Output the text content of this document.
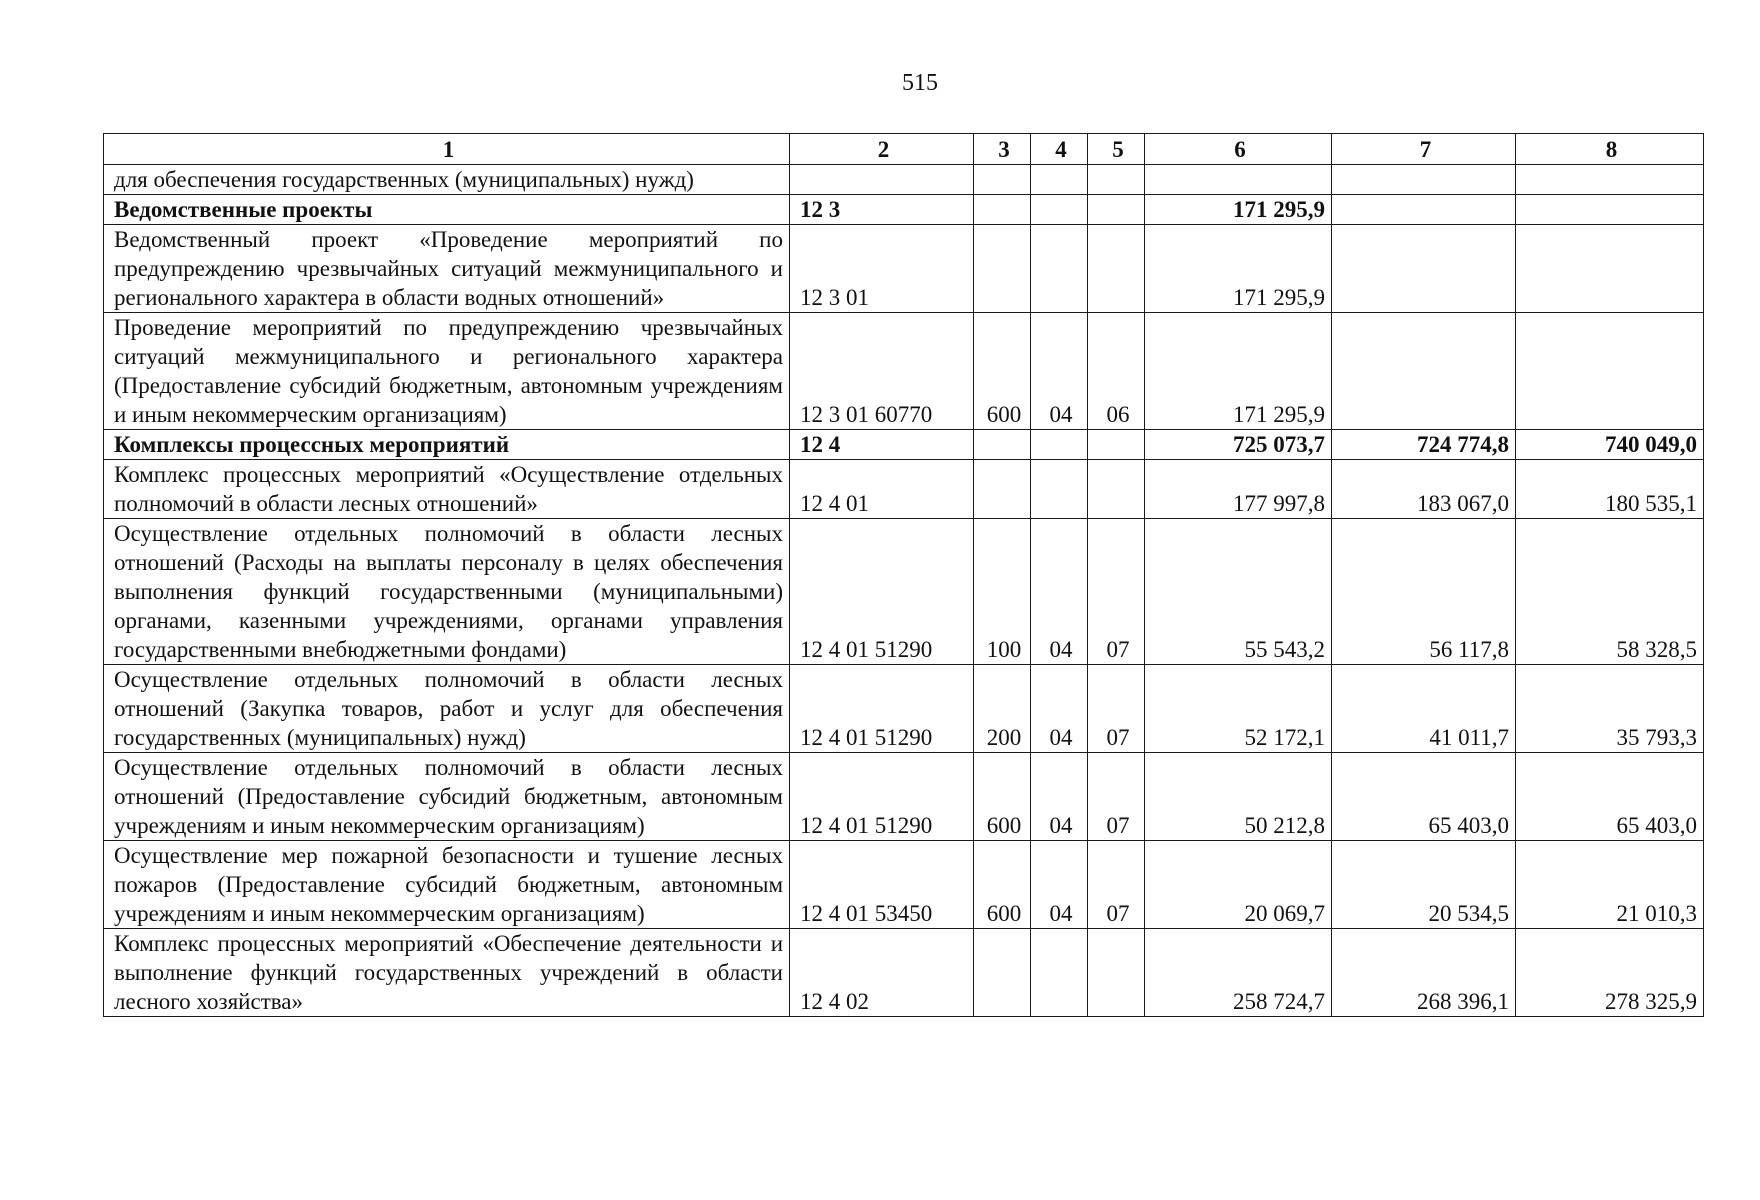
515
1	2	3	4	5	6	7	8
для обеспечения государственных (муниципальных) нужд)							
Ведомственные проекты	12 3				171 295,9		
Ведомственный проект «Проведение мероприятий по предупреждению чрезвычайных ситуаций межмуниципального и регионального характера в области водных отношений»	12 3 01				171 295,9		
Проведение мероприятий по предупреждению чрезвычайных ситуаций межмуниципального и регионального характера (Предоставление субсидий бюджетным, автономным учреждениям и иным некоммерческим организациям)	12 3 01 60770	600	04	06	171 295,9		
Комплексы процессных мероприятий	12 4				725 073,7	724 774,8	740 049,0
Комплекс процессных мероприятий «Осуществление отдельных полномочий в области лесных отношений»	12 4 01				177 997,8	183 067,0	180 535,1
Осуществление отдельных полномочий в области лесных отношений (Расходы на выплаты персоналу в целях обеспечения выполнения функций государственными (муниципальными) органами, казенными учреждениями, органами управления государственными внебюджетными фондами)	12 4 01 51290	100	04	07	55 543,2	56 117,8	58 328,5
Осуществление отдельных полномочий в области лесных отношений (Закупка товаров, работ и услуг для обеспечения государственных (муниципальных) нужд)	12 4 01 51290	200	04	07	52 172,1	41 011,7	35 793,3
Осуществление отдельных полномочий в области лесных отношений (Предоставление субсидий бюджетным, автономным учреждениям и иным некоммерческим организациям)	12 4 01 51290	600	04	07	50 212,8	65 403,0	65 403,0
Осуществление мер пожарной безопасности и тушение лесных пожаров (Предоставление субсидий бюджетным, автономным учреждениям и иным некоммерческим организациям)	12 4 01 53450	600	04	07	20 069,7	20 534,5	21 010,3
Комплекс процессных мероприятий «Обеспечение деятельности и выполнение функций государственных учреждений в области лесного хозяйства»	12 4 02				258 724,7	268 396,1	278 325,9
